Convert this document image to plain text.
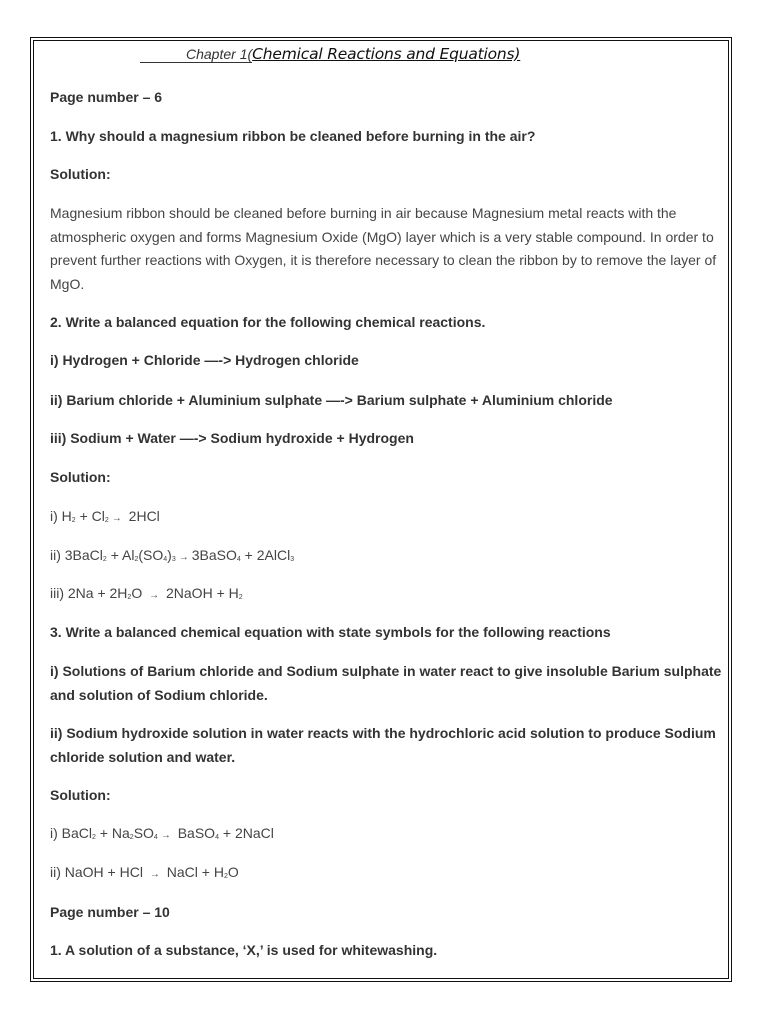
Chapter 1(Chemical Reactions and Equations)
Page number – 6
1. Why should a magnesium ribbon be cleaned before burning in the air?
Solution:
Magnesium ribbon should be cleaned before burning in air because Magnesium metal reacts with the atmospheric oxygen and forms Magnesium Oxide (MgO) layer which is a very stable compound. In order to prevent further reactions with Oxygen, it is therefore necessary to clean the ribbon by to remove the layer of MgO.
2. Write a balanced equation for the following chemical reactions.
i) Hydrogen + Chloride —-> Hydrogen chloride
ii) Barium chloride + Aluminium sulphate —-> Barium sulphate + Aluminium chloride
iii) Sodium + Water —-> Sodium hydroxide + Hydrogen
Solution:
i) $H_2 + Cl_2 \to 2HCl$
ii) 3BaCl$_2$ + $Al_2(SO_4)_3$ → 3BaSO$_4$ + 2AlCl$_3$
iii) $2Na + 2H_2O$ → 2NaOH + $H_2$
3. Write a balanced chemical equation with state symbols for the following reactions
i) Solutions of Barium chloride and Sodium sulphate in water react to give insoluble Barium sulphate and solution of Sodium chloride.
ii) Sodium hydroxide solution in water reacts with the hydrochloric acid solution to produce Sodium chloride solution and water.
Solution:
i) BaCl$_2$ + $Na_2SO_4$ → BaSO$_4$ + 2NaCl
ii) NaOH + HCl → NaCl + $H_2O$
Page number – 10
1. A solution of a substance, ‘X,’ is used for whitewashing.
